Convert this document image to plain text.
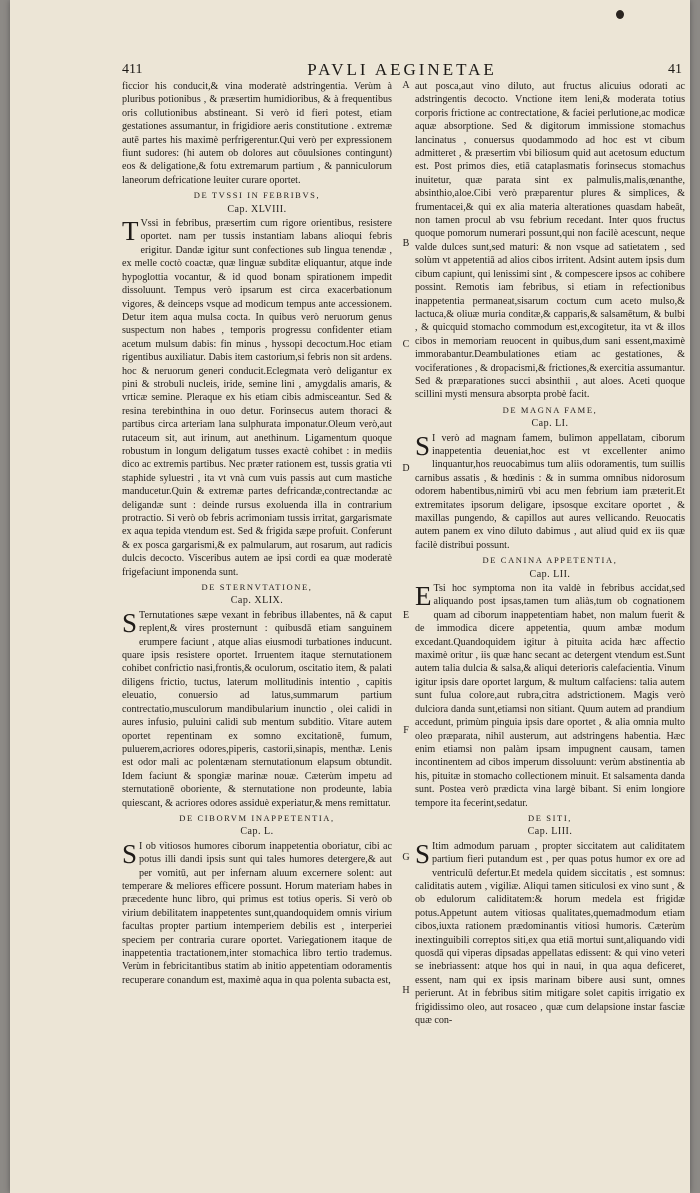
411	PAVLI AEGINETAE	41

ficcior his conducit,& vina moderatè adstringentia. Verùm à pluribus potionibus , & præsertim humidioribus, & à frequentibus oris collutionibus abstineant. Si verò id fieri potest, etiam gestationes assumantur, in frigidiore aeris constitutione . extremæ autē partes his maximè perfrigerentur.Qui verò per expressionem fiunt sudores: (hi autem ob dolores aut cōuulsiones contingunt) eos & deligatione,& fotu extremarum partium , & panniculorum laneorum defricatione leuiter curare oportet.

DE TVSSI IN FEBRIBVS,
Cap. XLVIII.

T Vssi in febribus, præsertim cum rigore orientibus, resistere oportet. nam per tussis instantiam labans alioqui febris erigitur. Dandæ igitur sunt confectiones sub lingua tenendæ , ex melle coctò coactæ, quæ linguæ subditæ eliquantur, atque inde hypoglottia vocantur, & id quod bonam spirationem impedit dissoluunt. Tempus verò ipsarum est circa exacerbationum vigores, & deinceps vsque ad modicum tempus ante accessionem. Detur item aqua mulsa cocta. In quibus verò neruorum genus suspectum non habes , temporis progressu confidenter etiam acetum mulsum dabis: fin minus , hyssopi decoctum.Hoc etiam rigentibus auxiliatur. Dabis item castorium,si febris non sit ardens. hoc & neruorum generi conducit.Eclegmata verò deligantur ex pini & strobuli nucleis, iride, semine lini , amygdalis amaris, & vrticæ semine. Pleraque ex his etiam cibis admisceantur. Sed & resina terebinthina in ouo detur. Forinsecus autem thoraci & partibus circa arteriam lana sulphurata imponatur.Oleum verò,aut rutaceum sit, aut irinum, aut anethinum. Ligamentum quoque robustum in longum deligatum tusses exactè cohibet : in mediis dico ac extremis partibus. Nec præter rationem est, tussis gratia vti staphide syluestri , ita vt vnà cum vuis passis aut cum mastiche manducetur.Quin & extremæ partes defricandæ,contrectandæ ac deligandæ sunt : deinde rursus exoluenda illa in contrarium protractio. Si verò ob febris acrimoniam tussis irritat, gargarismate ex aqua tepida vtendum est. Sed & frigida sæpe profuit. Conferunt & ex posca gargarismi,& ex palmularum, aut rosarum, aut radicis dulcis decocto. Visceribus autem ae ipsi cordi ea quæ moderatè frigefaciunt imponenda sunt.

DE STERNVTATIONE,
Cap. XLIX.

S Ternutationes sæpe vexant in febribus illabentes, nā & caput replent,& vires prosternunt : quibusdā etiam sanguinem erumpere faciunt , atque alias eiusmodi turbationes inducunt. quare ipsis resistere oportet. Irruentem itaque sternutationem cohibet confrictio nasi,frontis,& oculorum, oscitatio item, & palati diligens frictio, tuctus, laterum mollitudinis intentio , capitis eleuatio, conuersio ad latus,summarum partium contrectatio,musculorum mandibularium inunctio , olei calidi in aures infusio, puluini calidi sub mentum subditio. Vitare autem oportet repentinam ex somno excitationē, fumum, puluerem,acriores odores,piperis, castorii,sinapis, menthæ. Lenis est odor mali ac polentænam sternutationum elapsum obtundit. Idem faciunt & spongiæ marinæ nouæ. Cæterùm impetu ad sternutationē oboriente, & sternutatione non prodeunte, labia quiescant, & acriores odores assiduè experiatur,& mens remittatur.

DE CIBORVM INAPPETENTIA,
Cap. L.

S I ob vitiosos humores ciborum inappetentia oboriatur, cibi ac potus illi dandi ipsis sunt qui tales humores detergere,& aut per vomitū, aut per infernam aluum excernere solent: aut temperare & meliores efficere possunt. Horum materiam habes in præcedente hunc libro, qui primus est totius operis. Si verò ob virium debilitatem inappetentes sunt,quandoquidem omnis virium facultas propter partium intemperiem debilis est , interperiei speciem per contraria curare oportet. Variegationem itaque de inappetentia tractationem,inter stomachica libro tertio trademus. Verùm in febricitantibus statim ab initio appetentiam odoramentis recuperare conandum est, maximè aqua in qua polenta subacta est,

A
B
C
D
E
F
G
H

aut posca,aut vino diluto, aut fructus alicuius odorati ac adstringentis decocto. Vnctione item leni,& moderata totius corporis frictione ac contrectatione, & faciei perlutione,ac modicæ aquæ absorptione. Sed & digitorum immissione stomachus lancinatus , conuersus quodammodo ad hoc est vt cibum admitteret , & præsertim vbi biliosum quid aut acetosum eductum est. Post primos dies, etiā cataplasmatis forinsecus stomachus inuitetur, quæ parata sint ex palmulis,malis,œnanthe, absinthio,aloe.Cibi verò præparentur plures & simplices, & frumentacei,& qui ex alia materia alterationes quasdam habeāt, non tamen procul ab vsu febrium recedant. Inter quos fructus quoque pomorum numerari possunt,qui non facilè acescunt, neque valde dulces sunt,sed maturi: & non vsque ad satietatem , sed solùm vt appetentiā ad alios cibos irritent. Adsint autem ipsis dum cibum capiunt, qui lenissimi sint , & compescere ipsos ac cohibere possint. Remotis iam febribus, si etiam in refectionibus inappetentia permaneat,sisarum coctum cum aceto mulso,& lactuca,& oliuæ muria conditæ,& capparis,& salsamētum, & bulbi , & quicquid stomacho commodum est,excogitetur, ita vt & illos cibos in memoriam reuocent in quibus,dum sani essent,maximè immorabantur.Deambulationes etiam ac gestationes, & vociferationes , & dropacismi,& frictiones,& exercitia assumantur. Sed & præparationes succi absinthii , aut aloes. Aceti quoque scillini mysti mensura absorpta probè facit.

DE MAGNA FAME,
Cap. LI.

S I verò ad magnam famem, bulimon appellatam, ciborum inappetentia deueniat,hoc est vt excellenter animo linquantur,hos reuocabimus tum aliis odoramentis, tum suillis carnibus assatis , & hœdinis : & in summa omnibus nidorosum odorem habentibus,nimirū vbi acu men febrium iam præterit.Et extremitates ipsorum deligare, ipsosque excitare oportet , & maxillas pungendo, & capillos aut aures vellicando. Reuocatis autem panem ex vino diluto dabimus , aut aliud quid ex iis quæ facilè distribui possunt.

DE CANINA APPETENTIA,
Cap. LII.

E Tsi hoc symptoma non ita valdè in febribus accidat,sed aliquando post ipsas,tamen tum aliàs,tum ob cognationem quam ad ciborum inappetentiam habet, non malum fuerit & de immodica dicere appetentia, quum ambæ modum excedant.Quandoquidem igitur à pituita acida hæc affectio maximè oritur , iis quæ hanc secant ac detergent vtendum est.Sunt autem talia dulcia & salsa,& aliqui deterioris calefacientia. Vinum igitur ipsis dare oportet largum, & multum calfaciens: talia autem sunt fulua colore,aut rubra,citra adstrictionem. Magis verò dulciora danda sunt,etiamsi non sitiant. Quum autem ad prandium accedunt, primùm pinguia ipsis dare oportet , & alia omnia multo oleo præparata, nihil austerum, aut adstringens habentia. Hæc enim etiamsi non palàm ipsam impugnent causam, tamen incontinentem ad cibos imperum dissoluunt: verùm abstinentia ab his, pituitæ in stomacho collectionem minuit. Et salsamenta danda sunt. Postea verò prædicta vina largè bibant. Si enim longiore tempore ita fecerint,sedatur.

DE SITI,
Cap. LIII.

S Itim admodum paruam , propter siccitatem aut caliditatem partium fieri putandum est , per quas potus humor ex ore ad ventriculū defertur.Et medela quidem siccitatis , est somnus: caliditatis autem , vigiliæ. Aliqui tamen siticulosi ex vino sunt , & ob edulorum caliditatem:& horum medela est frigidæ potus.Appetunt autem vitiosas qualitates,quemadmodum etiam cibos,iuxta rationem prædominantis vitiosi humoris. Cæterùm inextinguibili correptos siti,ex qua etiā mortui sunt,aliquando vidi quosdā qui viperas dipsadas appellatas edissent: & qui vino veteri se inebriassent: atque hos qui in naui, in qua aqua deficeret, essent, nam qui ex ipsis marinam bibere ausi sunt, omnes perierunt. At in febribus sitim mitigare solet capitis irrigatio ex frigidissimo oleo, aut rosaceo , quæ cum delapsione instar fasciæ quæ con-
